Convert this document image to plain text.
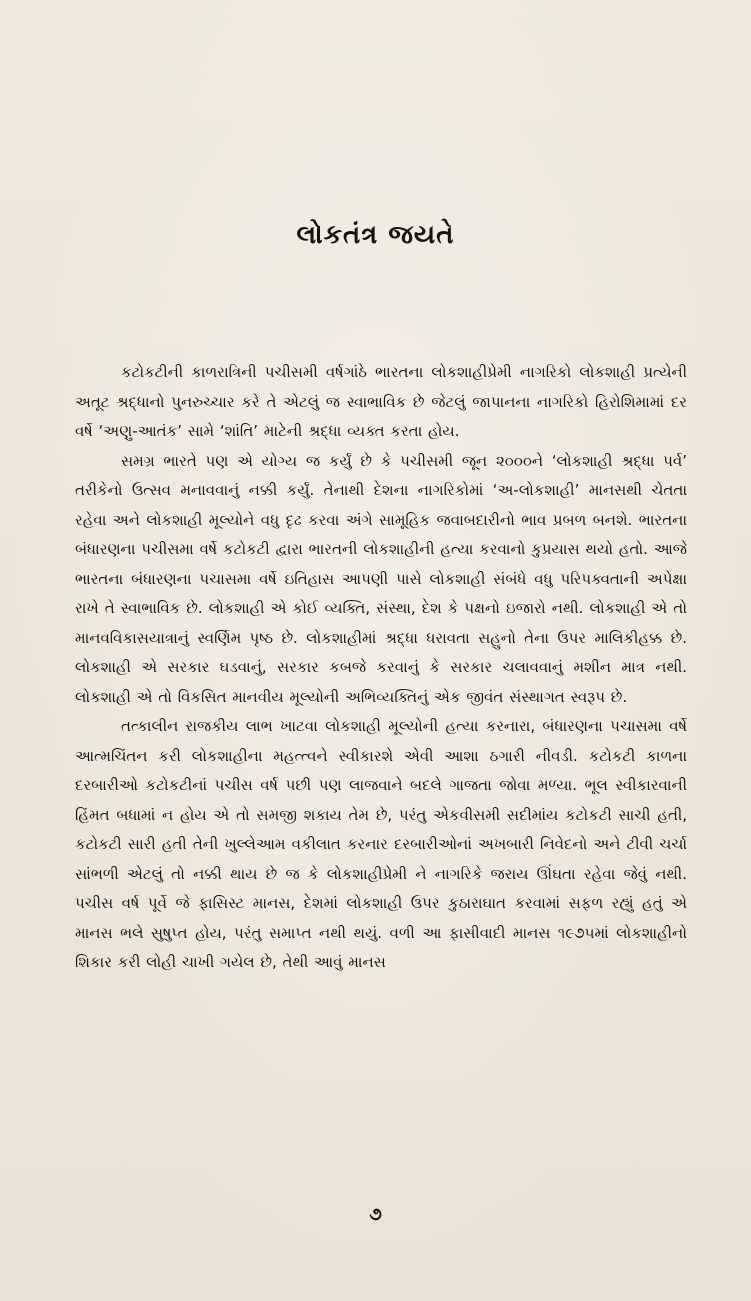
લોકતંત્ર જયતે

કટોકટીની કાળરાત્રિની પચીસમી વર્ષગાંઠે ભારતના લોકશાહીપ્રેમી નાગરિકો લોકશાહી પ્રત્યેની અતૂટ શ્રદ્ધાનો પુનરુચ્ચાર કરે તે એટલું જ સ્વાભાવિક છે જેટલું જાપાનના નાગરિકો હિરોશિમામાં દર વર્ષે ‘અણુ-આતંક’ સામે ‘શાંતિ’ માટેની શ્રદ્ધા વ્યક્ત કરતા હોય.

સમગ્ર ભારતે પણ એ યોગ્ય જ કર્યું છે કે પચીસમી જૂન ૨૦૦૦ને ‘લોકશાહી શ્રદ્ધા પર્વ’ તરીકેનો ઉત્સવ મનાવવાનું નક્કી કર્યું. તેનાથી દેશના નાગરિકોમાં ‘અ-લોકશાહી’ માનસથી ચેતતા રહેવા અને લોકશાહી મૂલ્યોને વધુ દૃઢ કરવા અંગે સામૂહિક જવાબદારીનો ભાવ પ્રબળ બનશે. ભારતના બંધારણના પચીસમા વર્ષે કટોકટી દ્વારા ભારતની લોકશાહીની હત્યા કરવાનો કુપ્રયાસ થયો હતો. આજે ભારતના બંધારણના પચાસમા વર્ષે ઇતિહાસ આપણી પાસે લોકશાહી સંબંધે વધુ પરિપક્વતાની અપેક્ષા રાખે તે સ્વાભાવિક છે. લોકશાહી એ કોઈ વ્યક્તિ, સંસ્થા, દેશ કે પક્ષનો ઇજારો નથી. લોકશાહી એ તો માનવવિકાસયાત્રાનું સ્વર્ણિમ પૃષ્ઠ છે. લોકશાહીમાં શ્રદ્ધા ધરાવતા સહુનો તેના ઉપર માલિકીહક્ક છે. લોકશાહી એ સરકાર ઘડવાનું, સરકાર કબજે કરવાનું કે સરકાર ચલાવવાનું મશીન માત્ર નથી. લોકશાહી એ તો વિકસિત માનવીય મૂલ્યોની અભિવ્યક્તિનું એક જીવંત સંસ્થાગત સ્વરૂપ છે.

તત્કાલીન રાજકીય લાભ ખાટવા લોકશાહી મૂલ્યોની હત્યા કરનારા, બંધારણના પચાસમા વર્ષે આત્મચિંતન કરી લોકશાહીના મહત્ત્વને સ્વીકારશે એવી આશા ઠગારી નીવડી. કટોકટી કાળના દરબારીઓ કટોકટીનાં પચીસ વર્ષ પછી પણ લાજવાને બદલે ગાજતા જોવા મળ્યા. ભૂલ સ્વીકારવાની હિંમત બધામાં ન હોય એ તો સમજી શકાય તેમ છે, પરંતુ એકવીસમી સદીમાંય કટોકટી સાચી હતી, કટોકટી સારી હતી તેની ખુલ્લેઆમ વકીલાત કરનાર દરબારીઓનાં અખબારી નિવેદનો અને ટીવી ચર્ચા સાંભળી એટલું તો નક્કી થાય છે જ કે લોકશાહીપ્રેમી ને નાગરિકે જરાય ઊંઘતા રહેવા જેવું નથી. પચીસ વર્ષ પૂર્વે જે ફાસિસ્ટ માનસ, દેશમાં લોકશાહી ઉપર કુઠારાઘાત કરવામાં સફળ રહ્યું હતું એ માનસ ભલે સુષુપ્ત હોય, પરંતુ સમાપ્ત નથી થયું. વળી આ ફાસીવાદી માનસ ૧૯૭૫માં લોકશાહીનો શિકાર કરી લોહી ચાખી ગયેલ છે, તેથી આવું માનસ

૭
